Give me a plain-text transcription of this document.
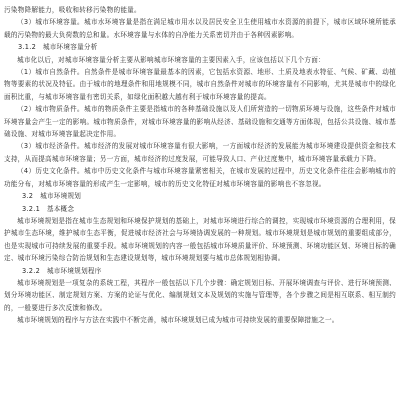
污染物降解能力，吸收和转移污染物的能量。
（3）城市环境容量。城市水环境容量是指在满足城市用水以及居民安全卫生使用城市水资源的前提下，城市区域环境所能承载的污染物的最大负荷数的总和量。水环境容量与水体的自净能力关系密切并由于各种因素影响。
3.1.2　城市环境容量分析
城市化以后，对城市环境容量分析主要从影响城市环境容量的主要因素入手，应该包括以下几个方面：
（1）城市自然条件。自然条件是城市环境容量最基本的因素，它包括水资源、地形、土质及地表水特征、气候、矿藏、动植物等要素的状况及特征。由于城市的地理条件和用地规模不同，城市自然条件对城市的环境容量有不同影响，尤其是城市中的绿化面积比重，与城市环境容量有密切关系，如绿化面积越大越有利于城市环境容量的提高。
（2）城市物质条件。城市的物质条件主要是指城市的各种基础设施以及人们所营造的一切物质环境与设施，这些条件对城市环境容量会产生一定的影响。城市物质条件，对城市环境容量的影响从经济、基础设施和交通等方面体现，包括公共设施、城市基础设施、对城市环境容量起决定作用。
（3）城市经济条件。城市经济的发展对城市环境容量有很大影响，一方面城市经济的发展能为城市环境建设提供资金和技术支持，从而提高城市环境容量；另一方面，城市经济的过度发展，可能导致人口、产业过度集中，城市环境容量承载力下降。
（4）历史文化条件。城市中历史文化条件与城市环境容量紧密相关，在城市发展的过程中，历史文化条件往往会影响城市的功能分布，对城市环境容量的形成产生一定影响，城市的历史文化特征对城市环境容量的影响也不容忽视。
3.2　城市环境规划
3.2.1　基本概念
城市环境规划是指在城市生态规划和环境保护规划的基础上，对城市环境进行综合的调控，实现城市环境资源的合理利用，保护城市生态环境，维护城市生态平衡，促进城市经济社会与环境协调发展的一种规划。城市环境规划是城市规划的重要组成部分，也是实现城市可持续发展的重要手段。城市环境规划的内容一般包括城市环境质量评价、环境预测、环境功能区划、环境目标的确定、城市环境污染综合防治规划和生态建设规划等，城市环境规划要与城市总体规划相协调。
3.2.2　城市环境规划程序
城市环境规划是一项复杂的系统工程，其程序一般包括以下几个步骤：确定规划目标、开展环境调查与评价、进行环境预测、划分环境功能区、制定规划方案、方案的论证与优化、编制规划文本及规划的实施与管理等，各个步骤之间是相互联系、相互制约的，一般要进行多次反馈和修改。
城市环境规划的程序与方法在实践中不断完善，城市环境规划已成为城市可持续发展的重要保障措施之一。
